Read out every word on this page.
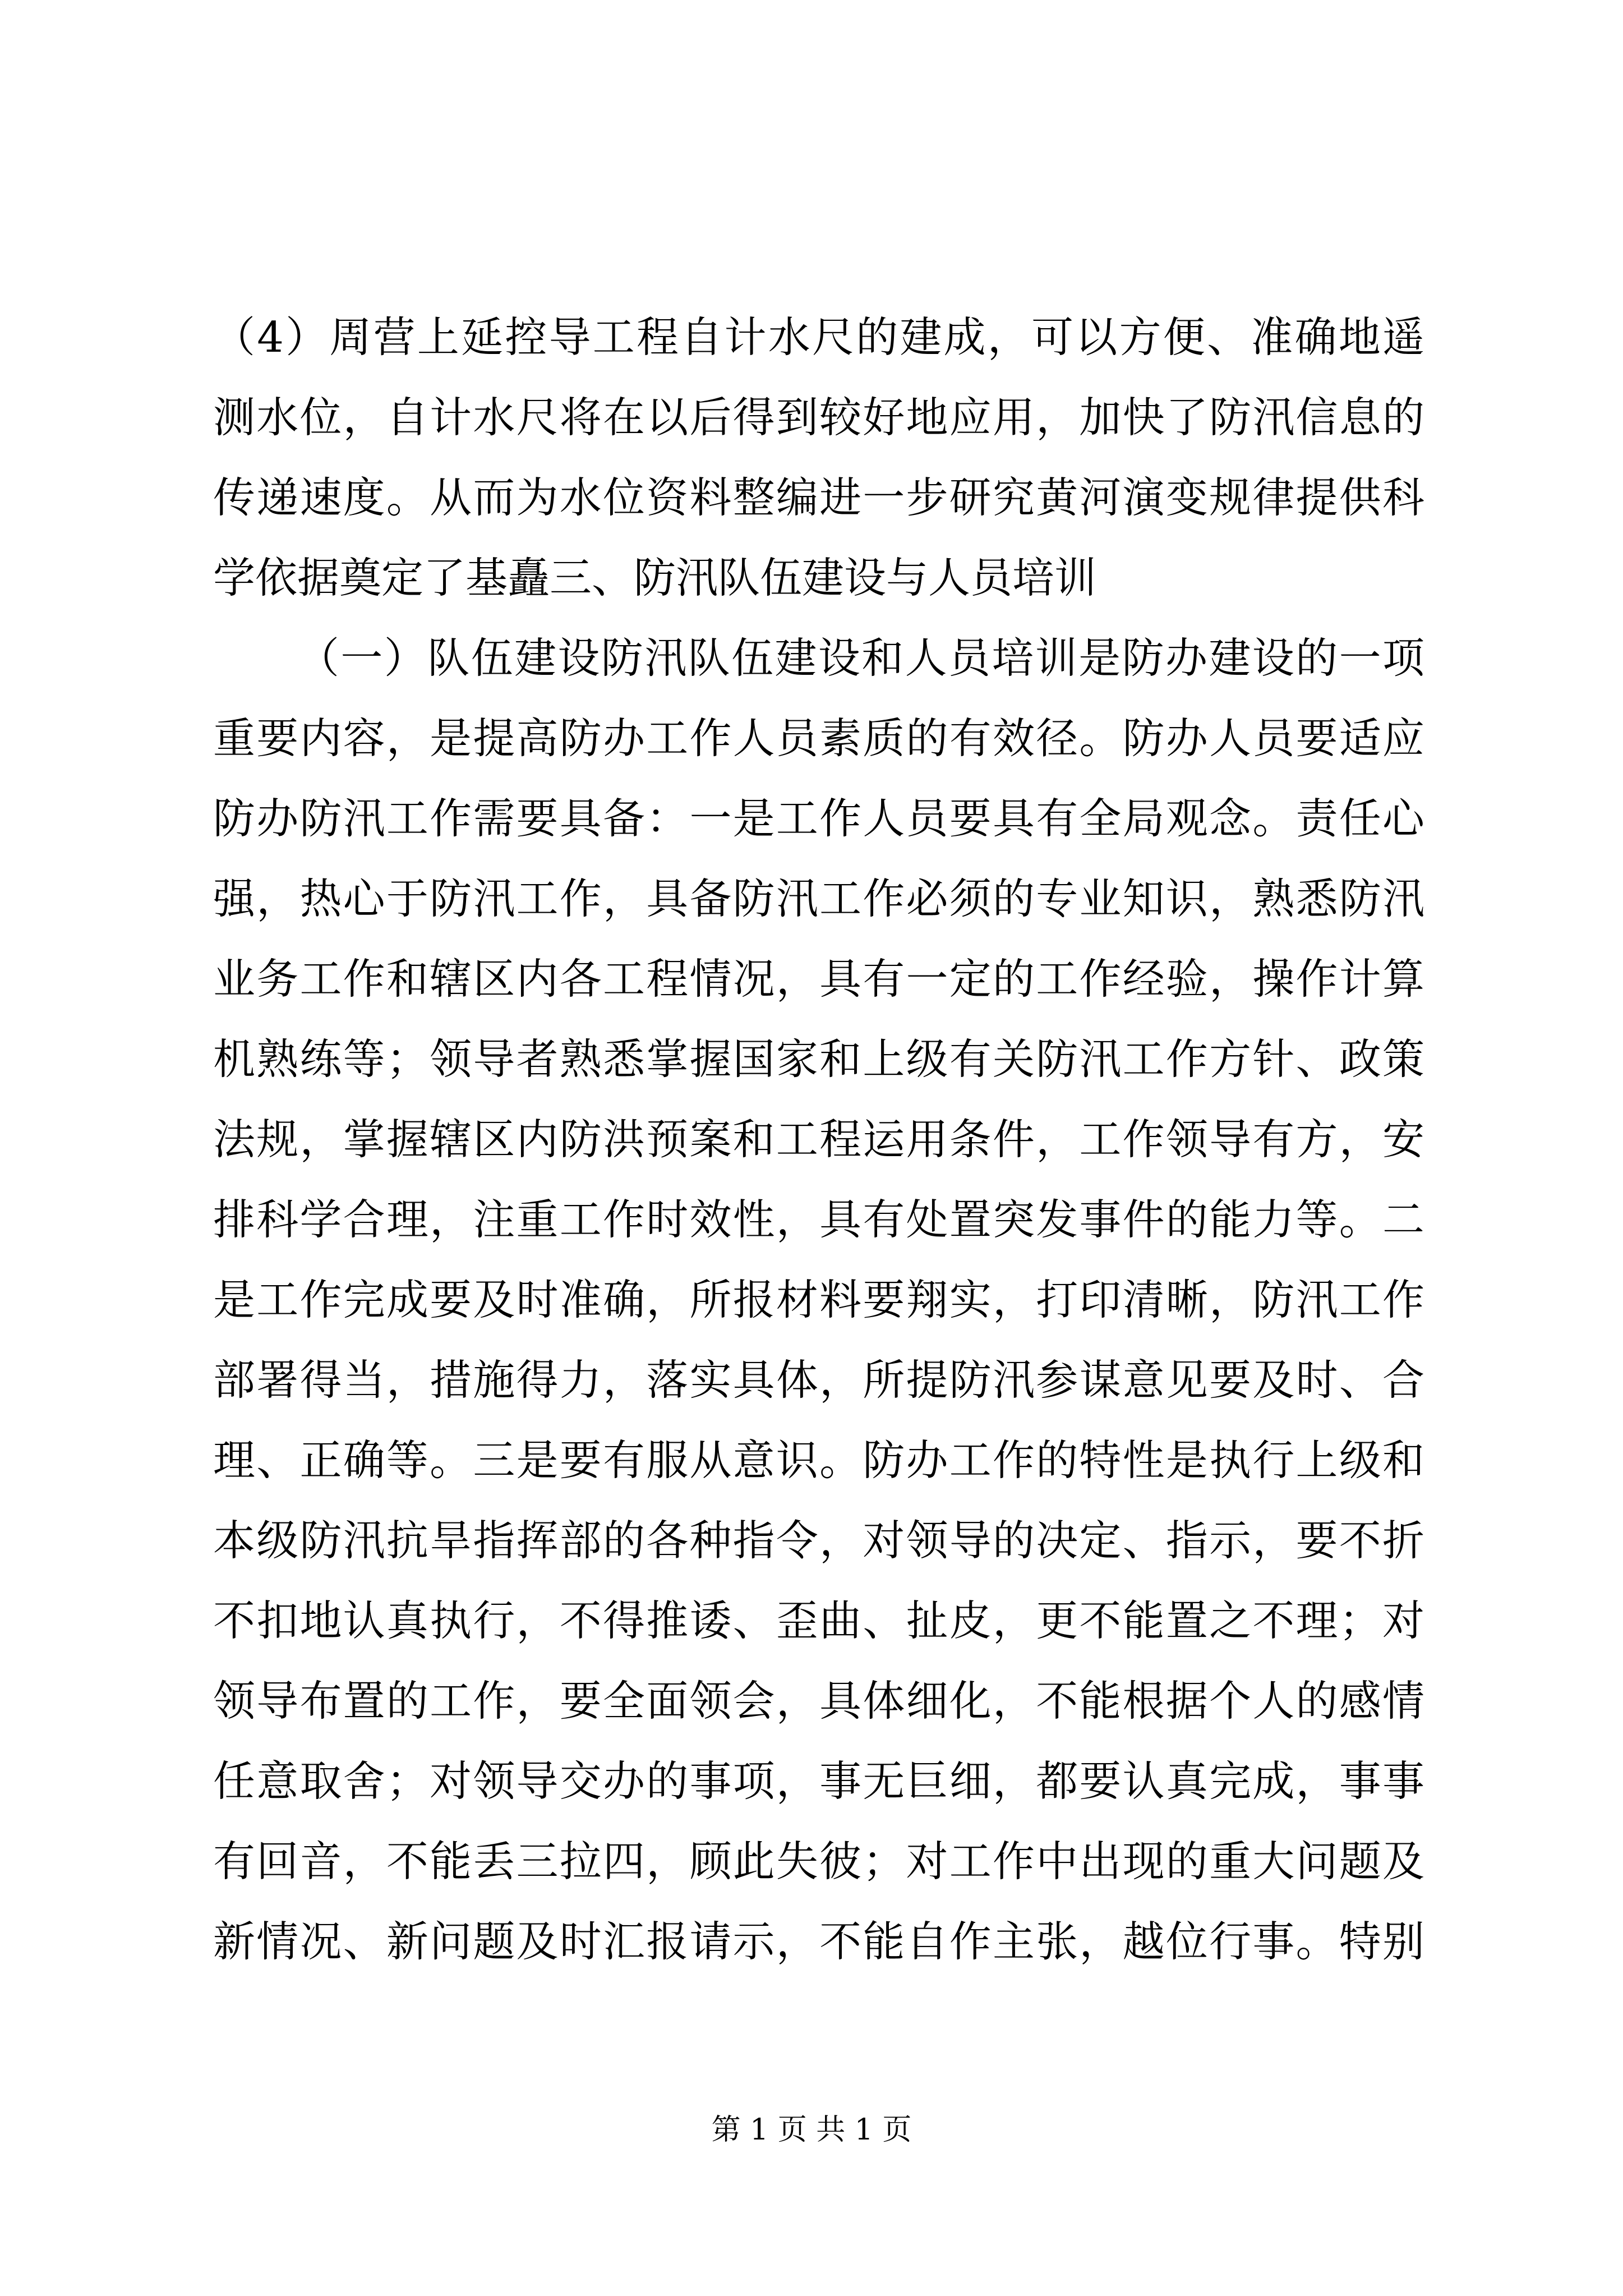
（4）周营上延控导工程自计水尺的建成，可以方便、准确地遥
测水位，自计水尺将在以后得到较好地应用，加快了防汛信息的
传递速度。从而为水位资料整编进一步研究黄河演变规律提供科
学依据奠定了基矗三、防汛队伍建设与人员培训
（一）队伍建设防汛队伍建设和人员培训是防办建设的一项
重要内容，是提高防办工作人员素质的有效径。防办人员要适应
防办防汛工作需要具备：一是工作人员要具有全局观念。责任心
强，热心于防汛工作，具备防汛工作必须的专业知识，熟悉防汛
业务工作和辖区内各工程情况，具有一定的工作经验，操作计算
机熟练等；领导者熟悉掌握国家和上级有关防汛工作方针、政策
法规，掌握辖区内防洪预案和工程运用条件，工作领导有方，安
排科学合理，注重工作时效性，具有处置突发事件的能力等。二
是工作完成要及时准确，所报材料要翔实，打印清晰，防汛工作
部署得当，措施得力，落实具体，所提防汛参谋意见要及时、合
理、正确等。三是要有服从意识。防办工作的特性是执行上级和
本级防汛抗旱指挥部的各种指令，对领导的决定、指示，要不折
不扣地认真执行，不得推诿、歪曲、扯皮，更不能置之不理；对
领导布置的工作，要全面领会，具体细化，不能根据个人的感情
任意取舍；对领导交办的事项，事无巨细，都要认真完成，事事
有回音，不能丢三拉四，顾此失彼；对工作中出现的重大问题及
新情况、新问题及时汇报请示，不能自作主张，越位行事。特别
第 1 页 共 1 页
